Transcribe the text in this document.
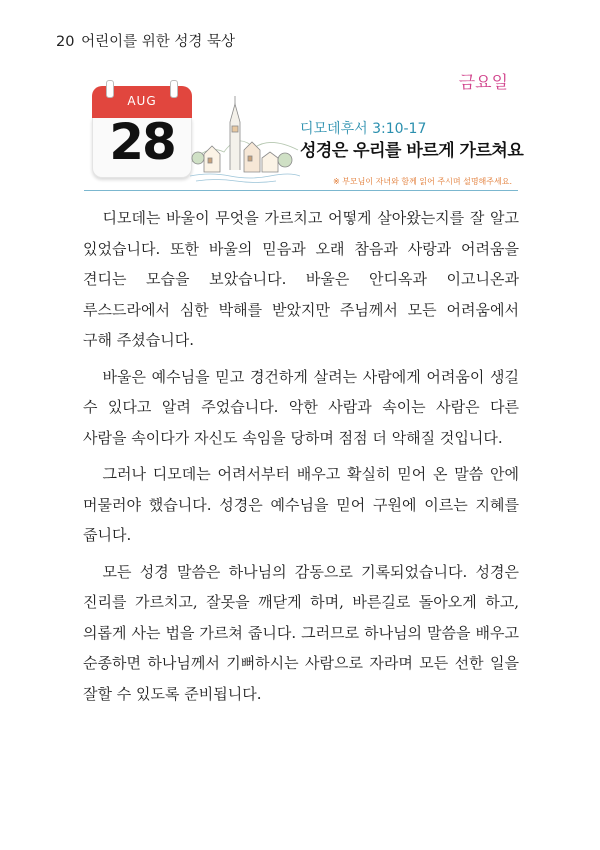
20 어린이를 위한 성경 묵상
금요일
AUG
28	디모데후서 3:10-17
성경은 우리를 바르게 가르쳐요
※ 부모님이 자녀와 함께 읽어 주시며 설명해주세요.

디모데는 바울이 무엇을 가르치고 어떻게 살아왔는지를 잘 알고 있었습니다. 또한 바울의 믿음과 오래 참음과 사랑과 어려움을 견디는 모습을 보았습니다. 바울은 안디옥과 이고니온과 루스드라에서 심한 박해를 받았지만 주님께서 모든 어려움에서 구해 주셨습니다.

바울은 예수님을 믿고 경건하게 살려는 사람에게 어려움이 생길 수 있다고 알려 주었습니다. 악한 사람과 속이는 사람은 다른 사람을 속이다가 자신도 속임을 당하며 점점 더 악해질 것입니다.

그러나 디모데는 어려서부터 배우고 확실히 믿어 온 말씀 안에 머물러야 했습니다. 성경은 예수님을 믿어 구원에 이르는 지혜를 줍니다.

모든 성경 말씀은 하나님의 감동으로 기록되었습니다. 성경은 진리를 가르치고, 잘못을 깨닫게 하며, 바른길로 돌아오게 하고, 의롭게 사는 법을 가르쳐 줍니다. 그러므로 하나님의 말씀을 배우고 순종하면 하나님께서 기뻐하시는 사람으로 자라며 모든 선한 일을 잘할 수 있도록 준비됩니다.
